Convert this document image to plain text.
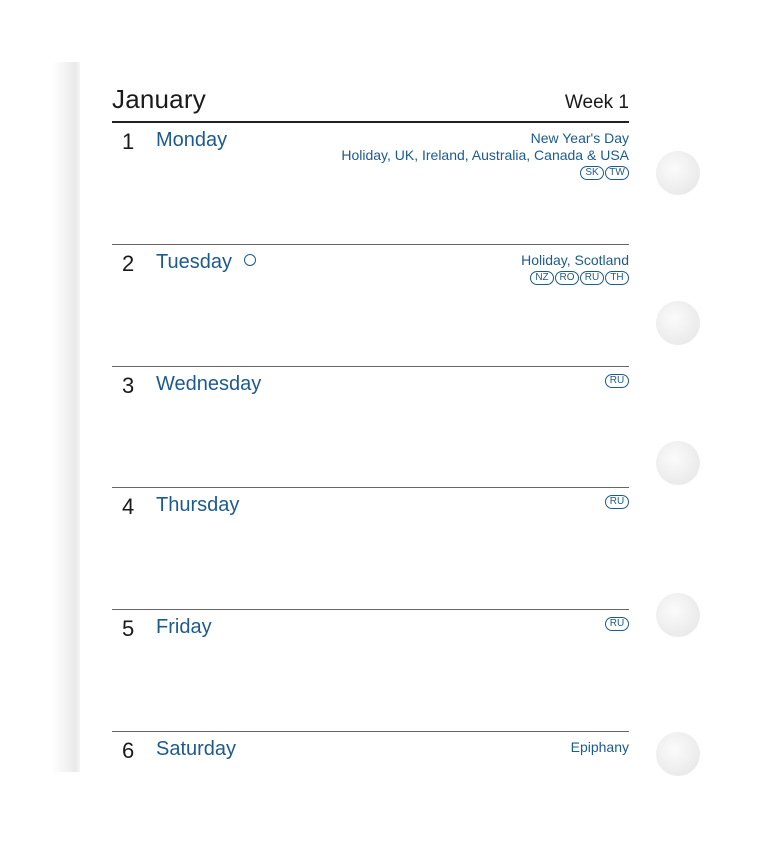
January	Week 1
1 Monday	New Year's Day
Holiday, UK, Ireland, Australia, Canada & USA
SK	TW
2 Tuesday	Holiday, Scotland
NZ	RO	RU	TH
3 Wednesday	RU
4 Thursday	RU
5 Friday	RU
6 Saturday	Epiphany
